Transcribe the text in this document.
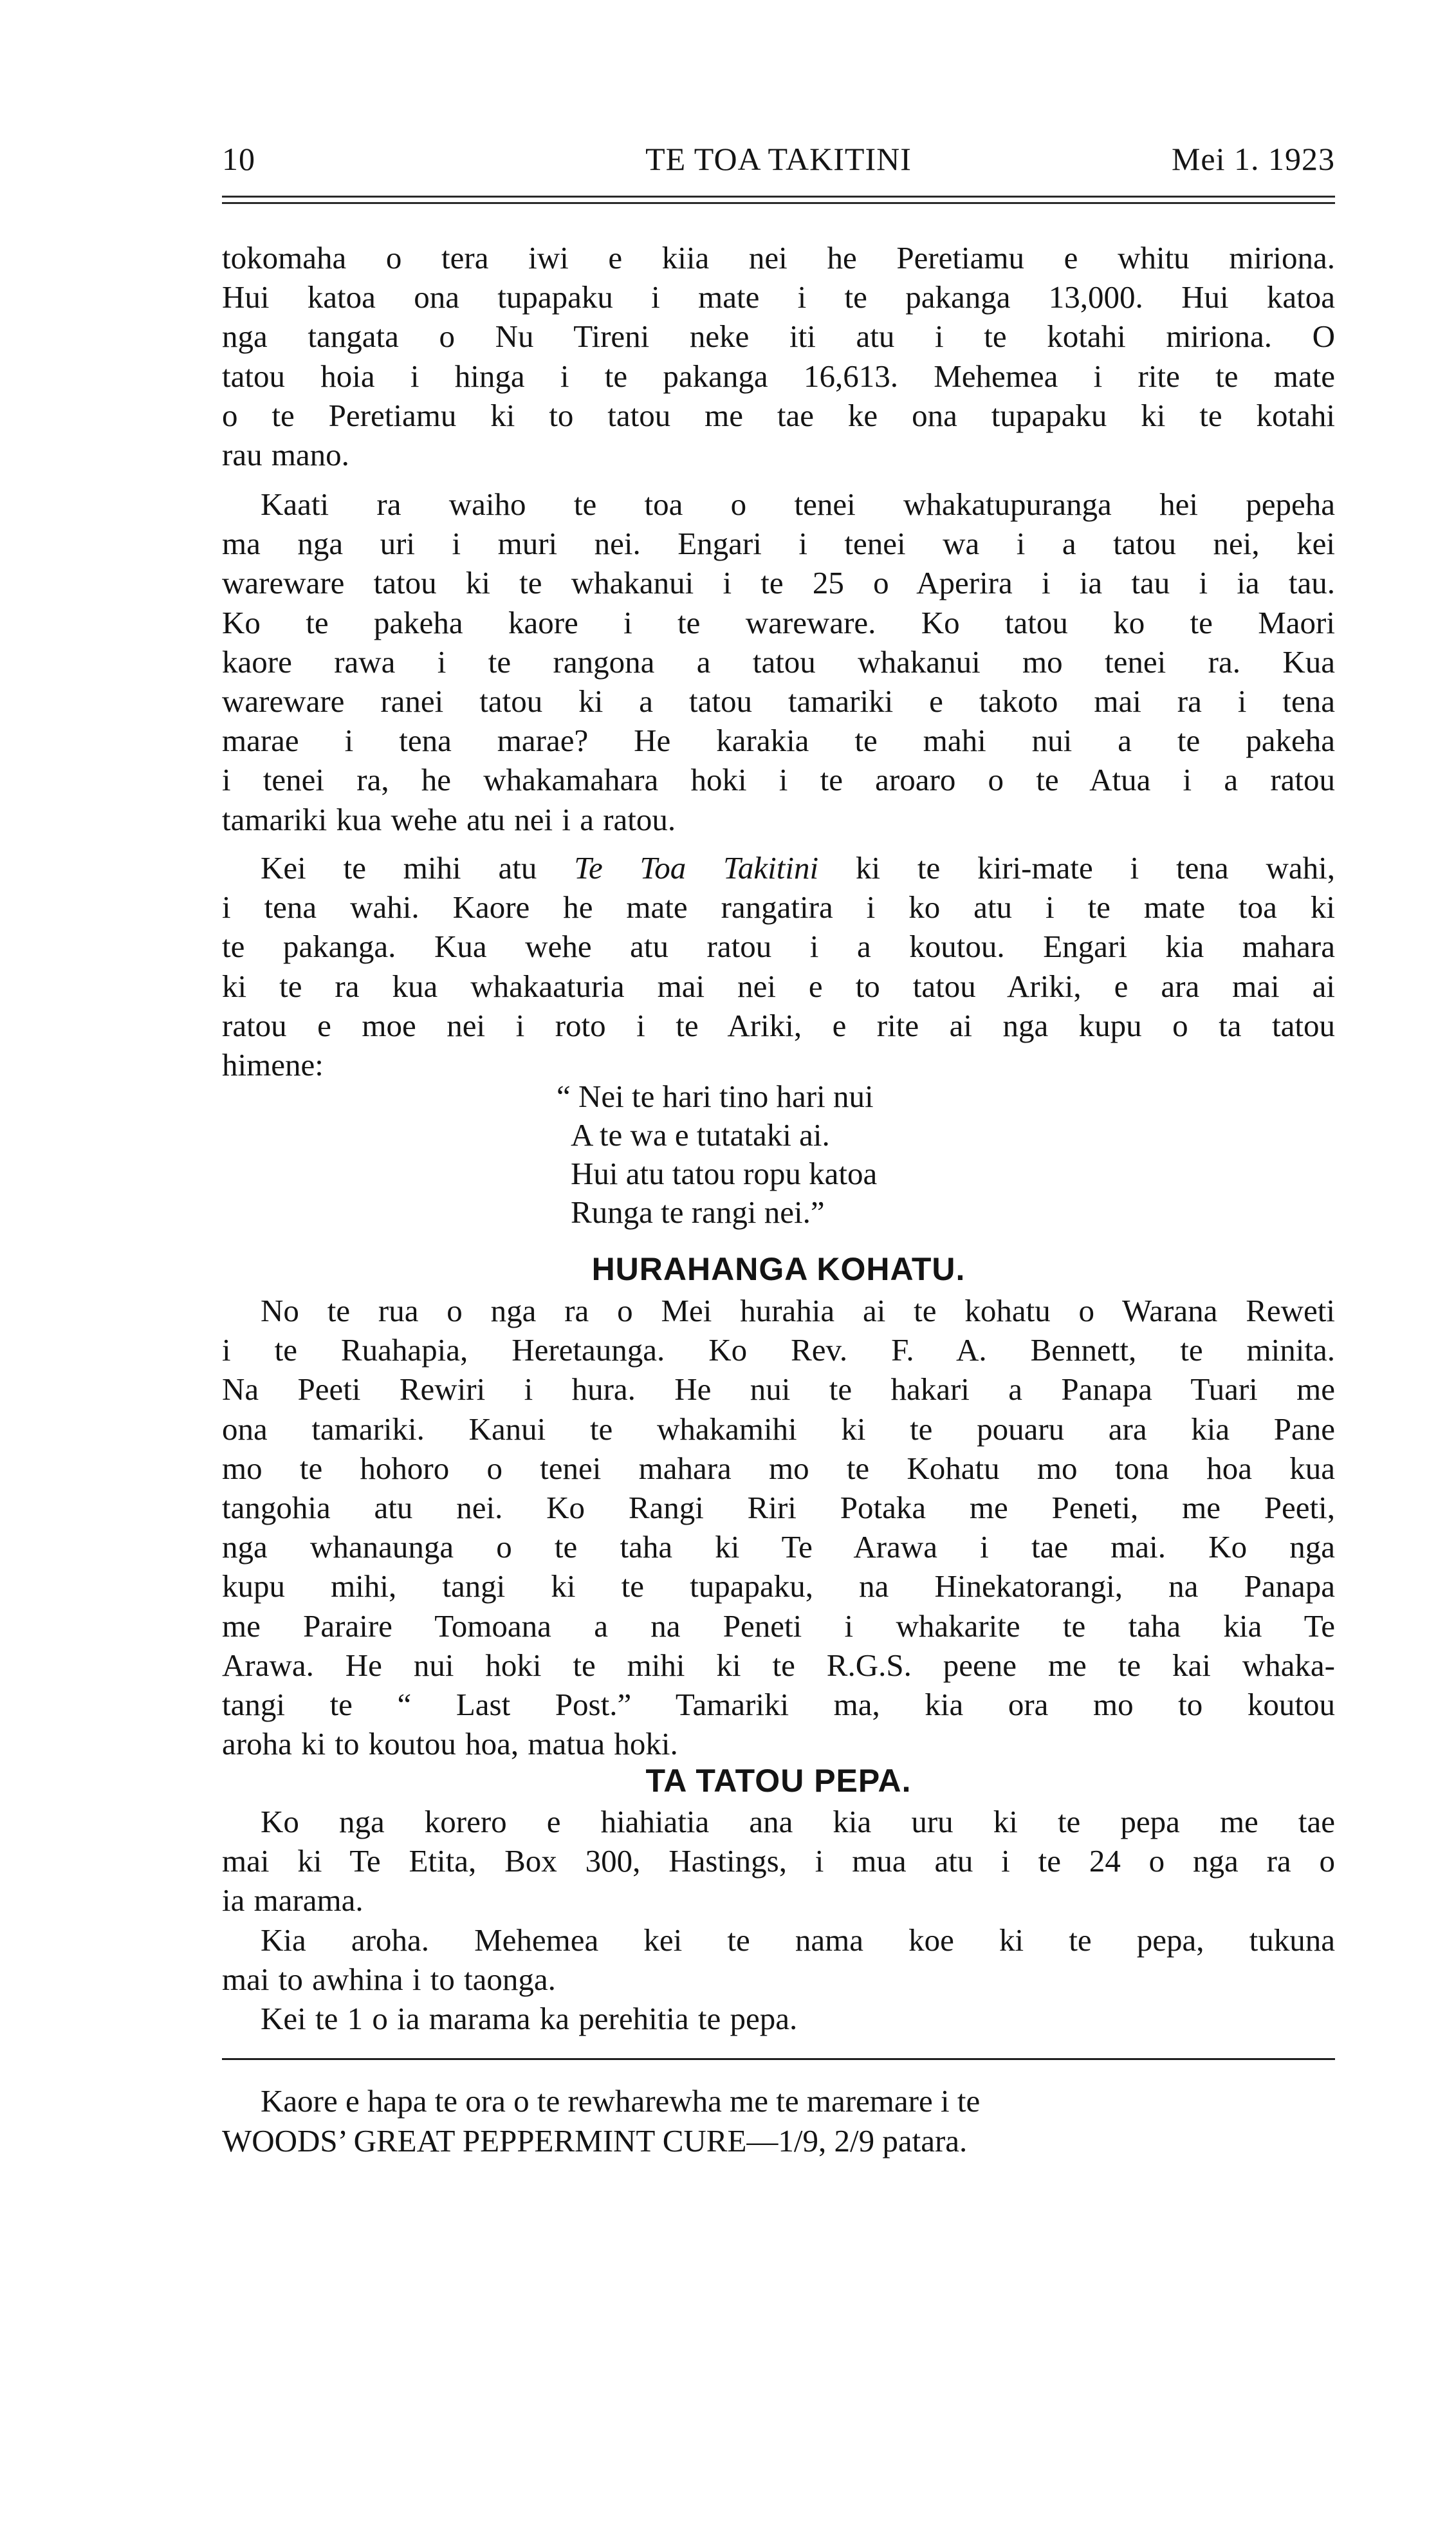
10	TE TOA TAKITINI	Mei 1. 1923

tokomaha o tera iwi e kiia nei he Peretiamu e whitu miriona.
Hui katoa ona tupapaku i mate i te pakanga 13,000. Hui katoa
nga tangata o Nu Tireni neke iti atu i te kotahi miriona. O
tatou hoia i hinga i te pakanga 16,613. Mehemea i rite te mate
o te Peretiamu ki to tatou me tae ke ona tupapaku ki te kotahi
rau mano.

Kaati ra waiho te toa o tenei whakatupuranga hei pepeha
ma nga uri i muri nei. Engari i tenei wa i a tatou nei, kei
wareware tatou ki te whakanui i te 25 o Aperira i ia tau i ia tau.
Ko te pakeha kaore i te wareware. Ko tatou ko te Maori
kaore rawa i te rangona a tatou whakanui mo tenei ra. Kua
wareware ranei tatou ki a tatou tamariki e takoto mai ra i tena
marae i tena marae? He karakia te mahi nui a te pakeha
i tenei ra, he whakamahara hoki i te aroaro o te Atua i a ratou
tamariki kua wehe atu nei i a ratou.

Kei te mihi atu Te Toa Takitini ki te kiri-mate i tena wahi,
i tena wahi. Kaore he mate rangatira i ko atu i te mate toa ki
te pakanga. Kua wehe atu ratou i a koutou. Engari kia mahara
ki te ra kua whakaaturia mai nei e to tatou Ariki, e ara mai ai
ratou e moe nei i roto i te Ariki, e rite ai nga kupu o ta tatou
himene:

“ Nei te hari tino hari nui
A te wa e tutataki ai.
Hui atu tatou ropu katoa
Runga te rangi nei.”
HURAHANGA KOHATU.

No te rua o nga ra o Mei hurahia ai te kohatu o Warana Reweti
i te Ruahapia, Heretaunga. Ko Rev. F. A. Bennett, te minita.
Na Peeti Rewiri i hura. He nui te hakari a Panapa Tuari me
ona tamariki. Kanui te whakamihi ki te pouaru ara kia Pane
mo te hohoro o tenei mahara mo te Kohatu mo tona hoa kua
tangohia atu nei. Ko Rangi Riri Potaka me Peneti, me Peeti,
nga whanaunga o te taha ki Te Arawa i tae mai. Ko nga
kupu mihi, tangi ki te tupapaku, na Hinekatorangi, na Panapa
me Paraire Tomoana a na Peneti i whakarite te taha kia Te
Arawa. He nui hoki te mihi ki te R.G.S. peene me te kai whaka-
tangi te “ Last Post.” Tamariki ma, kia ora mo to koutou
aroha ki to koutou hoa, matua hoki.

TA TATOU PEPA.

Ko nga korero e hiahiatia ana kia uru ki te pepa me tae
mai ki Te Etita, Box 300, Hastings, i mua atu i te 24 o nga ra o
ia marama.
Kia aroha. Mehemea kei te nama koe ki te pepa, tukuna
mai to awhina i to taonga.
Kei te 1 o ia marama ka perehitia te pepa.

Kaore e hapa te ora o te rewharewha me te maremare i te
WOODS’ GREAT PEPPERMINT CURE—1/9, 2/9 patara.
